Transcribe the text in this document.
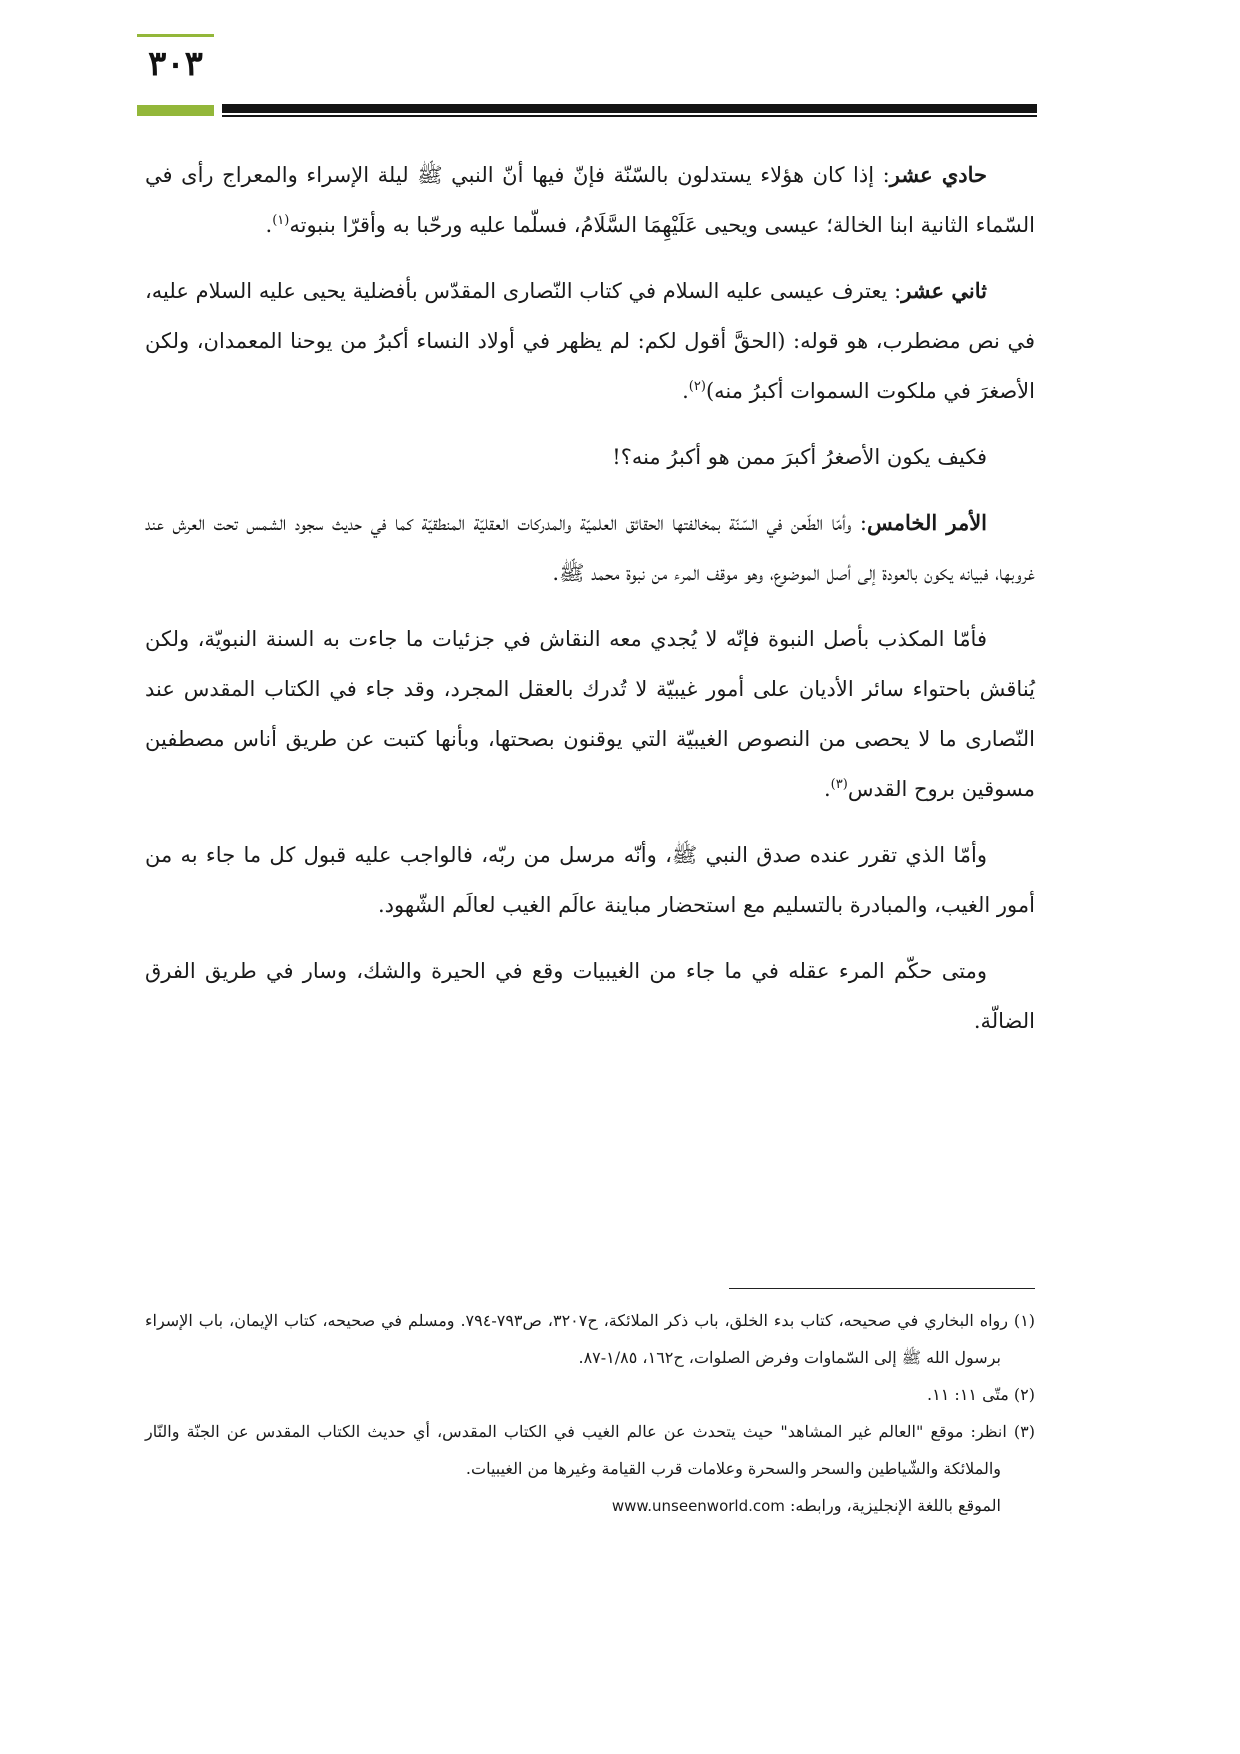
٣٠٣

حادي عشر: إذا كان هؤلاء يستدلون بالسّنّة فإنّ فيها أنّ النبي ﷺ ليلة الإسراء والمعراج رأى في السّماء الثانية ابنا الخالة؛ عيسى ويحيى عَلَيْهِمَا السَّلَامُ، فسلّما عليه ورحّبا به وأقرّا بنبوته$^{(١)}$.

ثاني عشر: يعترف عيسى عليه السلام في كتاب النّصارى المقدّس بأفضلية يحيى عليه السلام عليه، في نص مضطرب، هو قوله: (الحقَّ أقول لكم: لم يظهر في أولاد النساء أكبرُ من يوحنا المعمدان، ولكن الأصغرَ في ملكوت السموات أكبرُ منه)$^{(٢)}$.

فكيف يكون الأصغرُ أكبرَ ممن هو أكبرُ منه؟!

الأمر الخامس: وأمّا الطّعن في السّنّة بمخالفتها الحقائق العلميّة والمدركات العقليّة المنطقيّة كما في حديث سجود الشمس تحت العرش عند غروبها، فبيانه يكون بالعودة إلى أصل الموضوع، وهو موقف المرء من نبوة محمد ﷺ.

فأمّا المكذب بأصل النبوة فإنّه لا يُجدي معه النقاش في جزئيات ما جاءت به السنة النبويّة، ولكن يُناقش باحتواء سائر الأديان على أمور غيبيّة لا تُدرك بالعقل المجرد، وقد جاء في الكتاب المقدس عند النّصارى ما لا يحصى من النصوص الغيبيّة التي يوقنون بصحتها، وبأنها كتبت عن طريق أناس مصطفين مسوقين بروح القدس$^{(٣)}$.

وأمّا الذي تقرر عنده صدق النبي ﷺ، وأنّه مرسل من ربّه، فالواجب عليه قبول كل ما جاء به من أمور الغيب، والمبادرة بالتسليم مع استحضار مباينة عالَم الغيب لعالَم الشّهود.

ومتى حكّم المرء عقله في ما جاء من الغيبيات وقع في الحيرة والشك، وسار في طريق الفرق الضالّة.

(١) رواه البخاري في صحيحه، كتاب بدء الخلق، باب ذكر الملائكة، ح٣٢٠٧، ص٧٩٣-٧٩٤. ومسلم في صحيحه، كتاب الإيمان، باب الإسراء برسول الله ﷺ إلى السّماوات وفرض الصلوات، ح١٦٢، ١/٨٥-٨٧.

(٢) متّى ١١: ١١.

(٣) انظر: موقع "العالم غير المشاهد" حيث يتحدث عن عالم الغيب في الكتاب المقدس، أي حديث الكتاب المقدس عن الجنّة والنّار والملائكة والشّياطين والسحر والسحرة وعلامات قرب القيامة وغيرها من الغيبيات.

الموقع باللغة الإنجليزية، ورابطه: www.unseenworld.com
